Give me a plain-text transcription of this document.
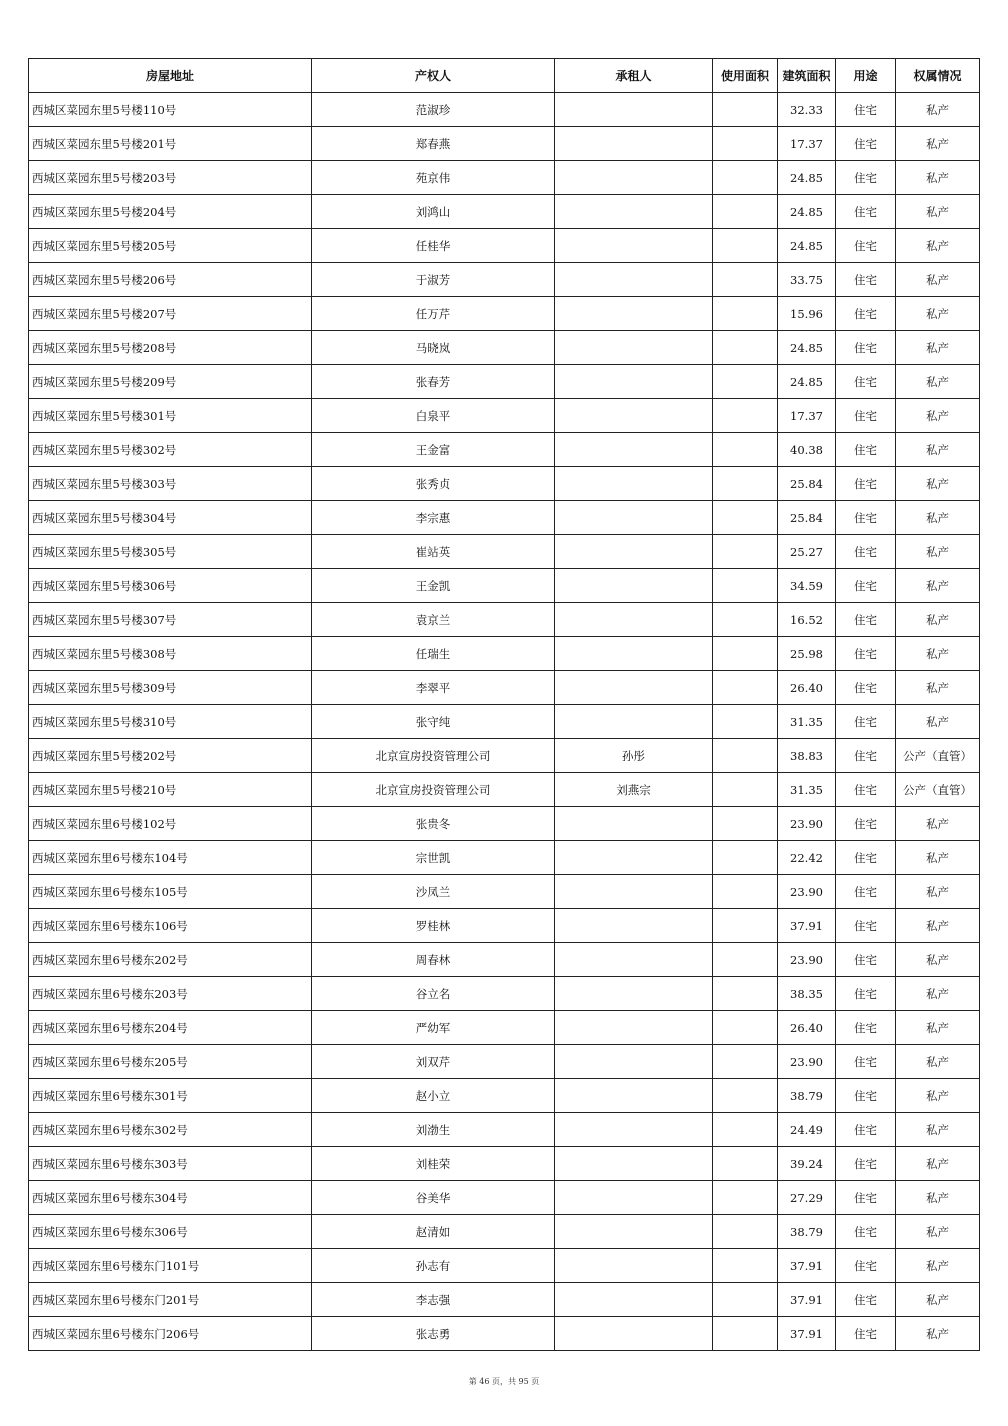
房屋地址	产权人	承租人	使用面积	建筑面积	用途	权属情况
西城区菜园东里5号楼110号	范淑珍			32.33	住宅	私产
西城区菜园东里5号楼201号	郑春燕			17.37	住宅	私产
西城区菜园东里5号楼203号	苑京伟			24.85	住宅	私产
西城区菜园东里5号楼204号	刘鸿山			24.85	住宅	私产
西城区菜园东里5号楼205号	任桂华			24.85	住宅	私产
西城区菜园东里5号楼206号	于淑芳			33.75	住宅	私产
西城区菜园东里5号楼207号	任万芹			15.96	住宅	私产
西城区菜园东里5号楼208号	马晓岚			24.85	住宅	私产
西城区菜园东里5号楼209号	张春芳			24.85	住宅	私产
西城区菜园东里5号楼301号	白泉平			17.37	住宅	私产
西城区菜园东里5号楼302号	王金富			40.38	住宅	私产
西城区菜园东里5号楼303号	张秀贞			25.84	住宅	私产
西城区菜园东里5号楼304号	李宗惠			25.84	住宅	私产
西城区菜园东里5号楼305号	崔站英			25.27	住宅	私产
西城区菜园东里5号楼306号	王金凯			34.59	住宅	私产
西城区菜园东里5号楼307号	袁京兰			16.52	住宅	私产
西城区菜园东里5号楼308号	任瑞生			25.98	住宅	私产
西城区菜园东里5号楼309号	李翠平			26.40	住宅	私产
西城区菜园东里5号楼310号	张守纯			31.35	住宅	私产
西城区菜园东里5号楼202号	北京宣房投资管理公司	孙彤		38.83	住宅	公产（直管）
西城区菜园东里5号楼210号	北京宣房投资管理公司	刘燕宗		31.35	住宅	公产（直管）
西城区菜园东里6号楼102号	张贵冬			23.90	住宅	私产
西城区菜园东里6号楼东104号	宗世凯			22.42	住宅	私产
西城区菜园东里6号楼东105号	沙凤兰			23.90	住宅	私产
西城区菜园东里6号楼东106号	罗桂林			37.91	住宅	私产
西城区菜园东里6号楼东202号	周春林			23.90	住宅	私产
西城区菜园东里6号楼东203号	谷立名			38.35	住宅	私产
西城区菜园东里6号楼东204号	严幼军			26.40	住宅	私产
西城区菜园东里6号楼东205号	刘双芹			23.90	住宅	私产
西城区菜园东里6号楼东301号	赵小立			38.79	住宅	私产
西城区菜园东里6号楼东302号	刘渤生			24.49	住宅	私产
西城区菜园东里6号楼东303号	刘桂荣			39.24	住宅	私产
西城区菜园东里6号楼东304号	谷美华			27.29	住宅	私产
西城区菜园东里6号楼东306号	赵清如			38.79	住宅	私产
西城区菜园东里6号楼东门101号	孙志有			37.91	住宅	私产
西城区菜园东里6号楼东门201号	李志强			37.91	住宅	私产
西城区菜园东里6号楼东门206号	张志勇			37.91	住宅	私产
第 46 页，共 95 页
